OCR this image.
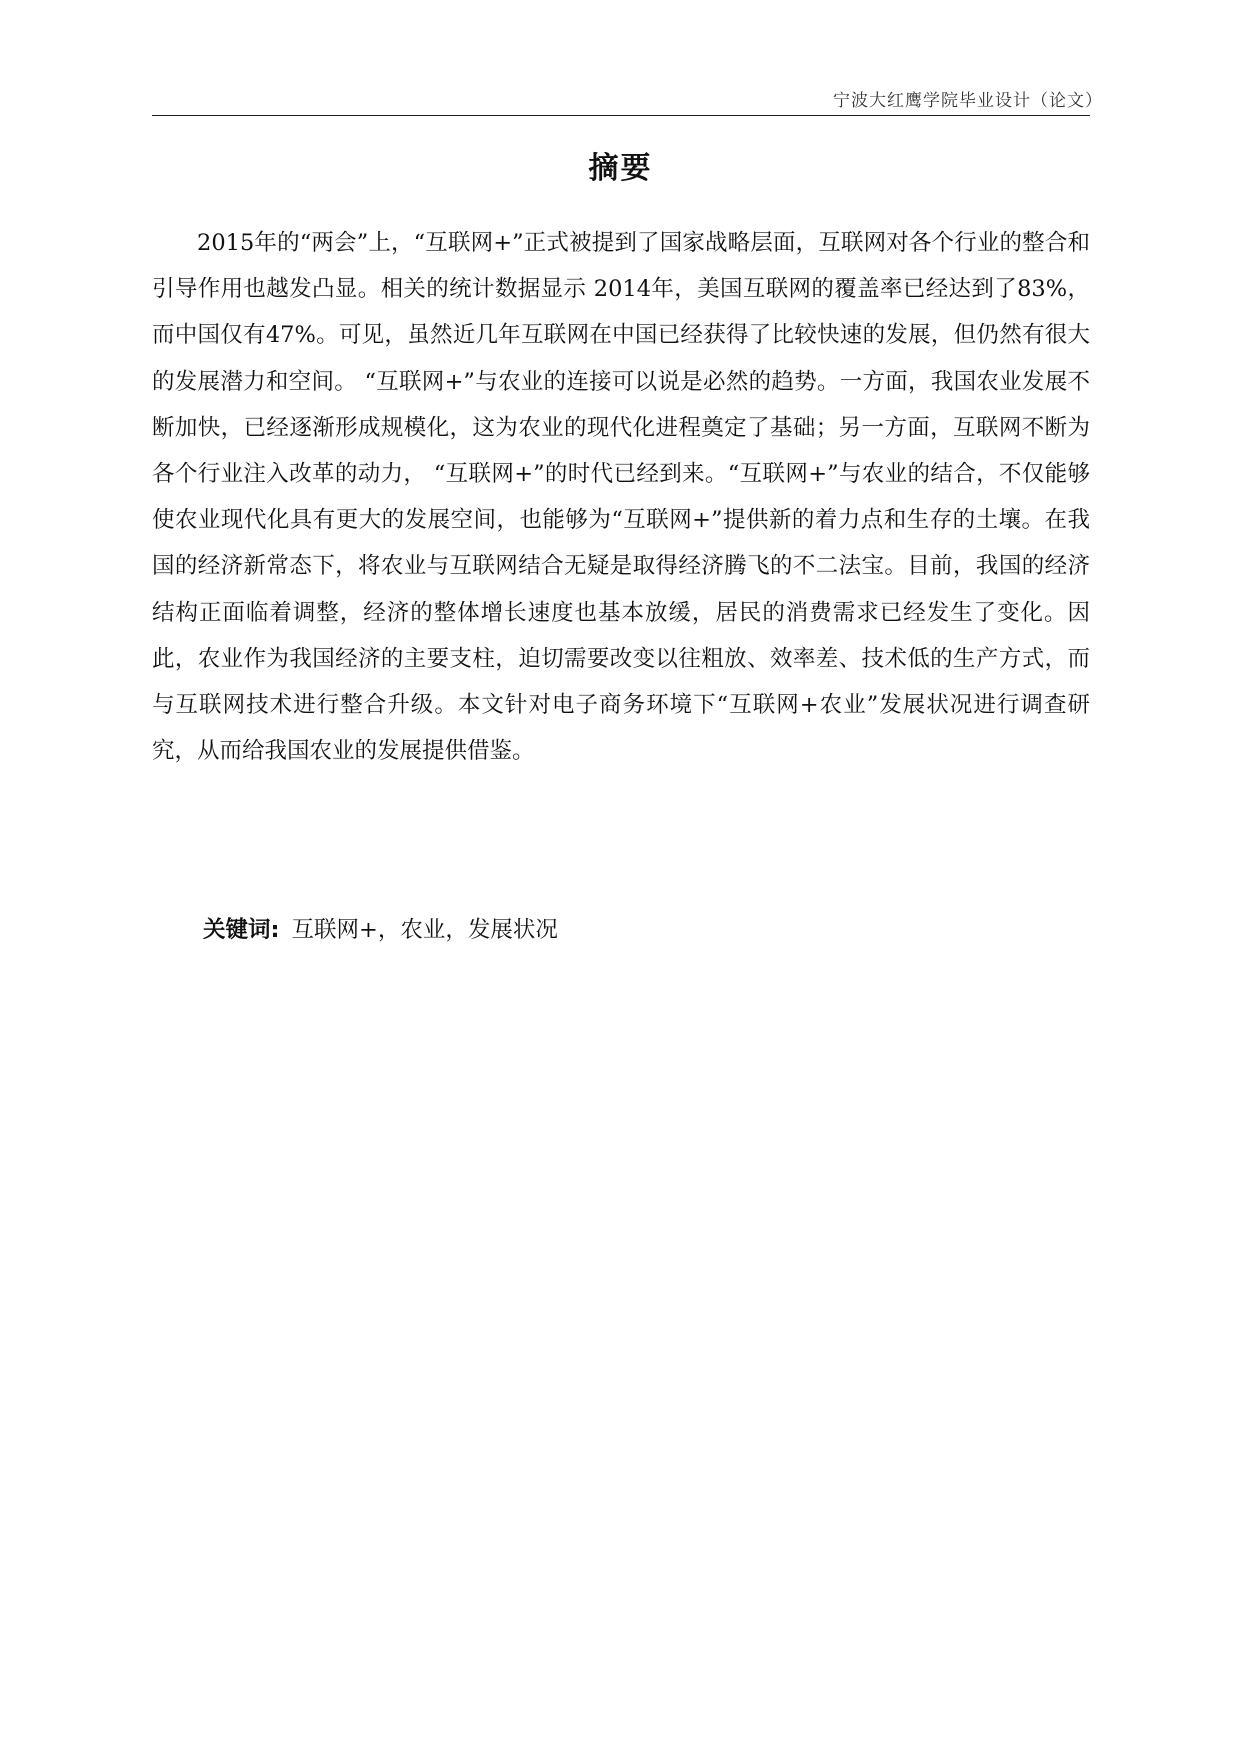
宁波大红鹰学院毕业设计（论文）
摘要

2015年的“两会”上，“互联网+”正式被提到了国家战略层面，互联网对各个行业的整合和引导作用也越发凸显。相关的统计数据显示 2014年，美国互联网的覆盖率已经达到了83%，而中国仅有47%。可见，虽然近几年互联网在中国已经获得了比较快速的发展，但仍然有很大的发展潜力和空间。 “互联网+”与农业的连接可以说是必然的趋势。一方面，我国农业发展不断加快，已经逐渐形成规模化，这为农业的现代化进程奠定了基础；另一方面，互联网不断为各个行业注入改革的动力， “互联网+”的时代已经到来。“互联网+”与农业的结合，不仅能够使农业现代化具有更大的发展空间，也能够为“互联网+”提供新的着力点和生存的土壤。在我国的经济新常态下，将农业与互联网结合无疑是取得经济腾飞的不二法宝。目前，我国的经济结构正面临着调整，经济的整体增长速度也基本放缓，居民的消费需求已经发生了变化。因此，农业作为我国经济的主要支柱，迫切需要改变以往粗放、效率差、技术低的生产方式，而与互联网技术进行整合升级。本文针对电子商务环境下“互联网+农业”发展状况进行调查研究，从而给我国农业的发展提供借鉴。

关键词: 互联网+，农业，发展状况
